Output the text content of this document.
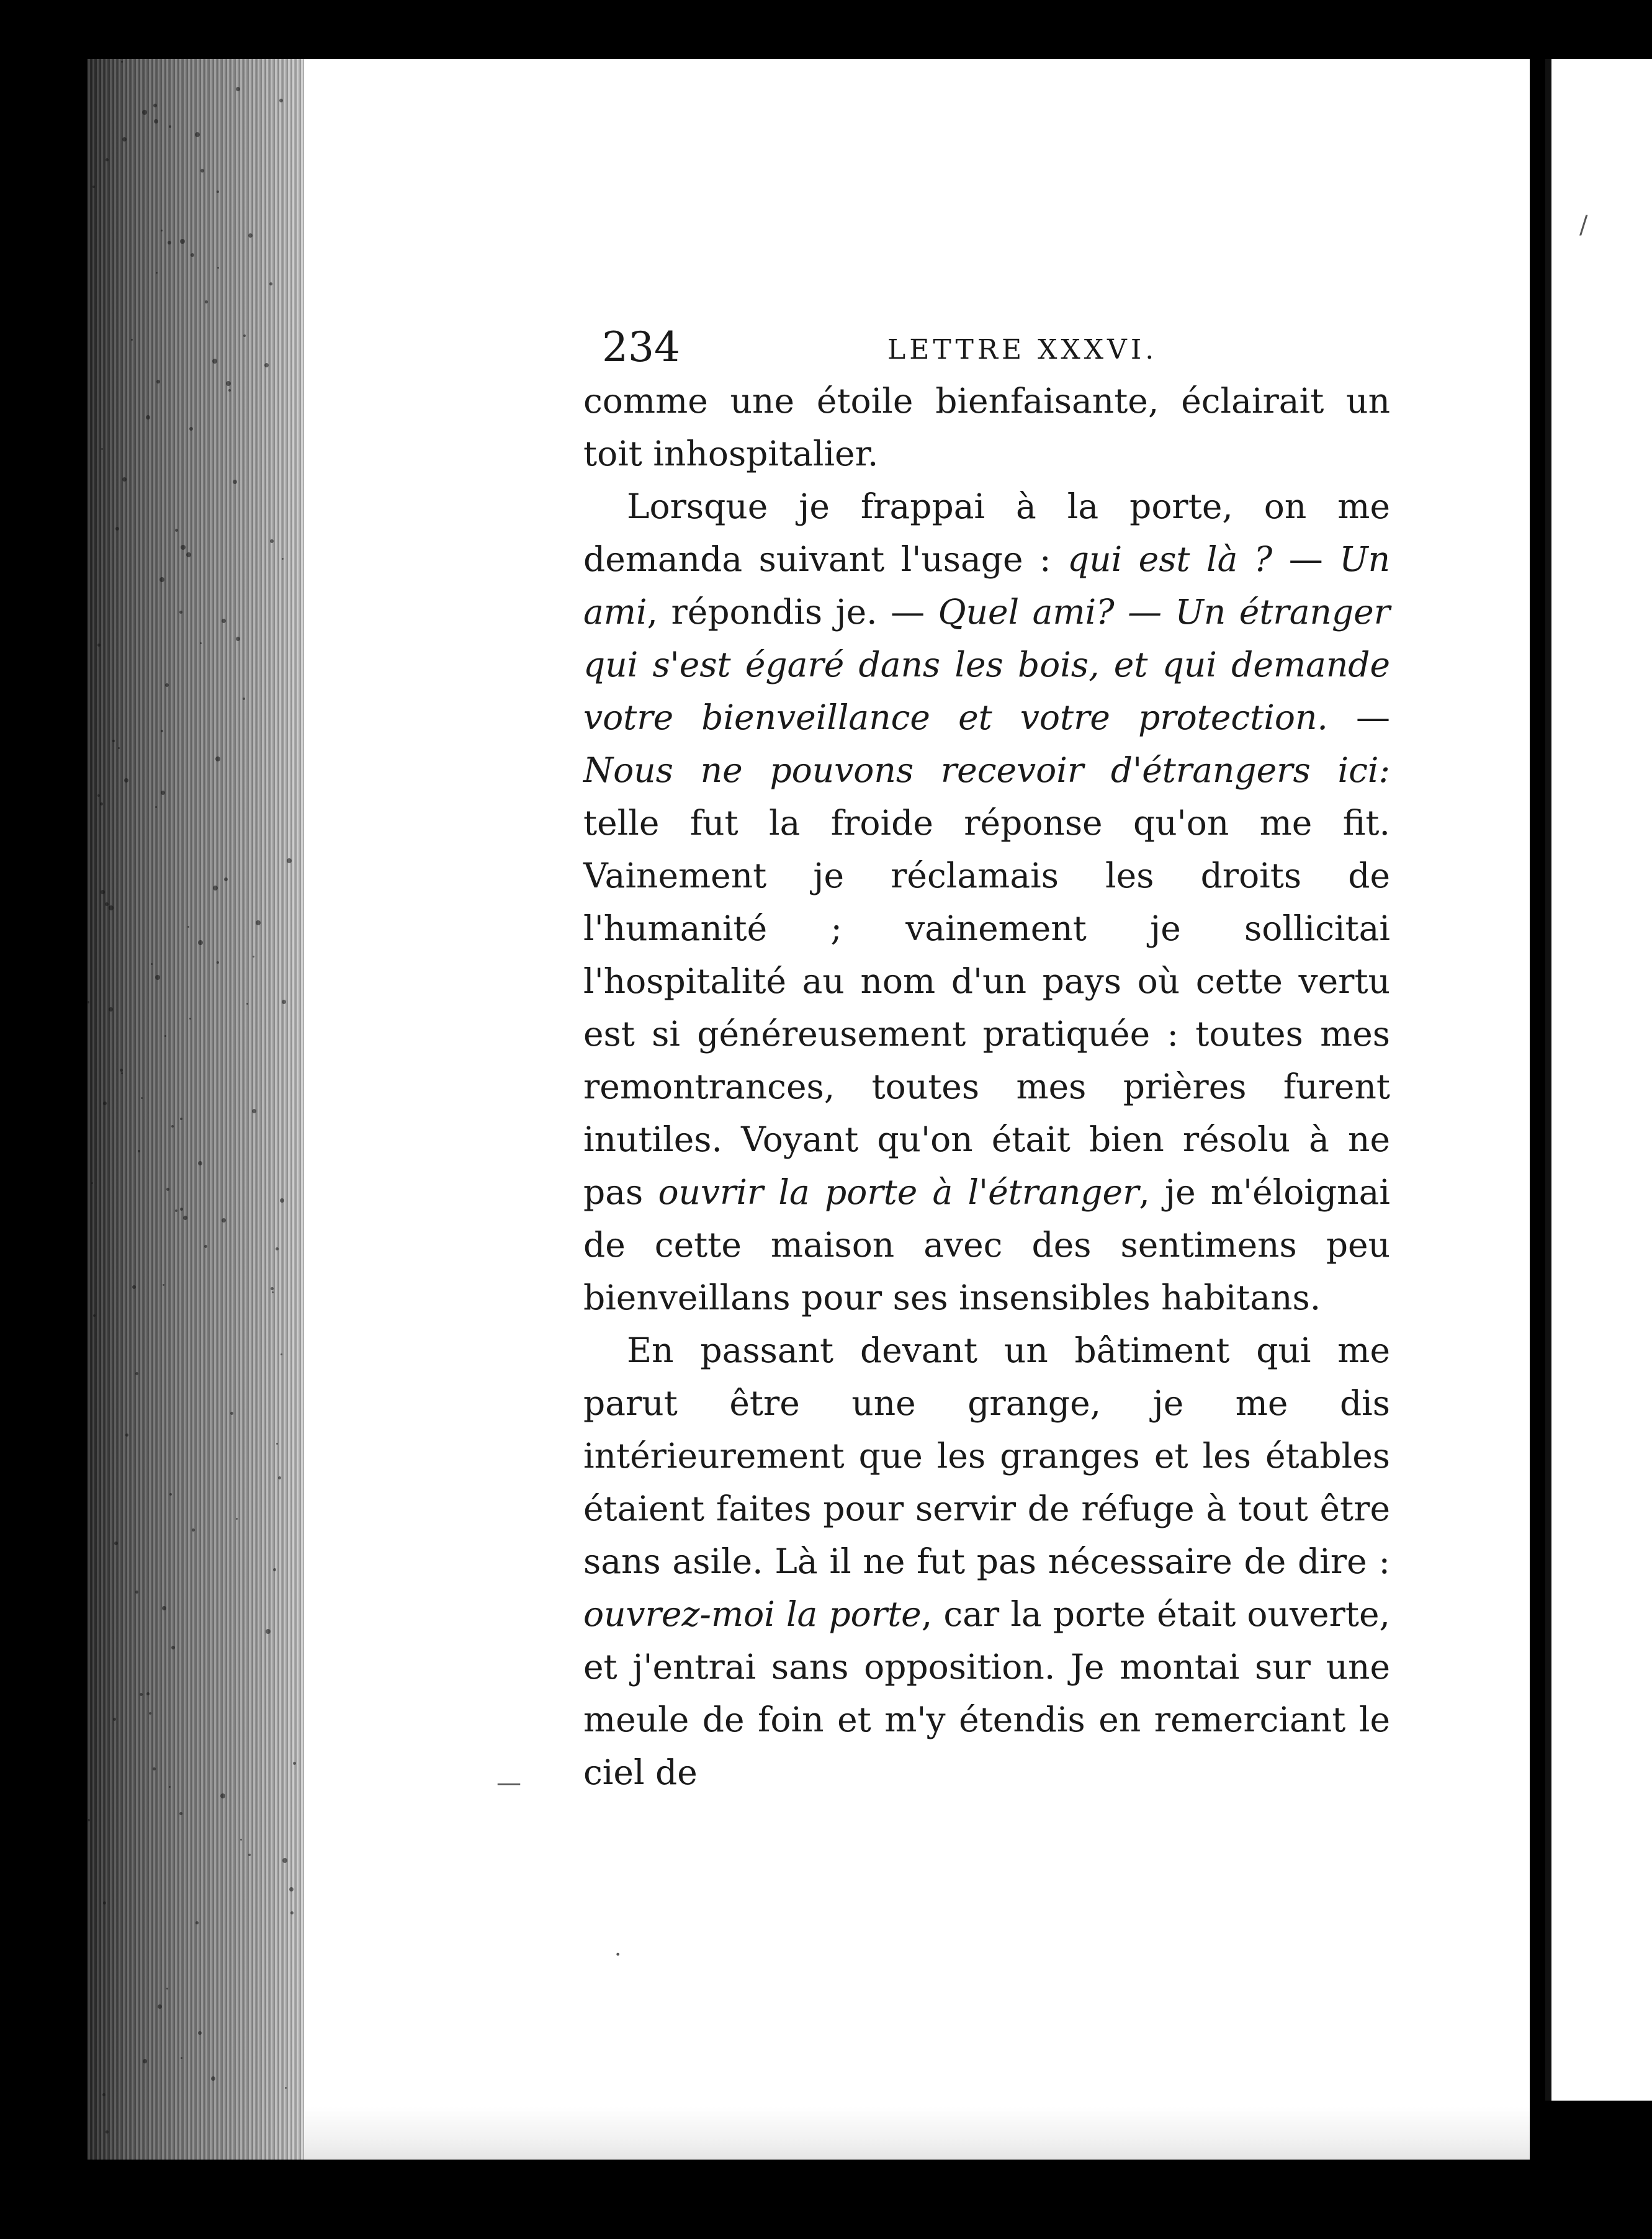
/
·
—
234	LETTRE XXXVI.

comme une étoile bienfaisante, éclairait un toit inhospitalier.

Lorsque je frappai à la porte, on me demanda suivant l'usage : qui est là ? — Un ami, répondis je. — Quel ami? — Un étranger qui s'est égaré dans les bois, et qui demande votre bienveillance et votre protection. — Nous ne pouvons recevoir d'étrangers ici: telle fut la froide réponse qu'on me fit. Vainement je réclamais les droits de l'humanité ; vainement je sollicitai l'hospitalité au nom d'un pays où cette vertu est si généreusement pratiquée : toutes mes remontrances, toutes mes prières furent inutiles. Voyant qu'on était bien résolu à ne pas ouvrir la porte à l'étranger, je m'éloignai de cette maison avec des sentimens peu bienveillans pour ses insensibles habitans.

En passant devant un bâtiment qui me parut être une grange, je me dis intérieurement que les granges et les étables étaient faites pour servir de réfuge à tout être sans asile. Là il ne fut pas nécessaire de dire : ouvrez-moi la porte, car la porte était ouverte, et j'entrai sans opposition. Je montai sur une meule de foin et m'y étendis en remerciant le ciel de
